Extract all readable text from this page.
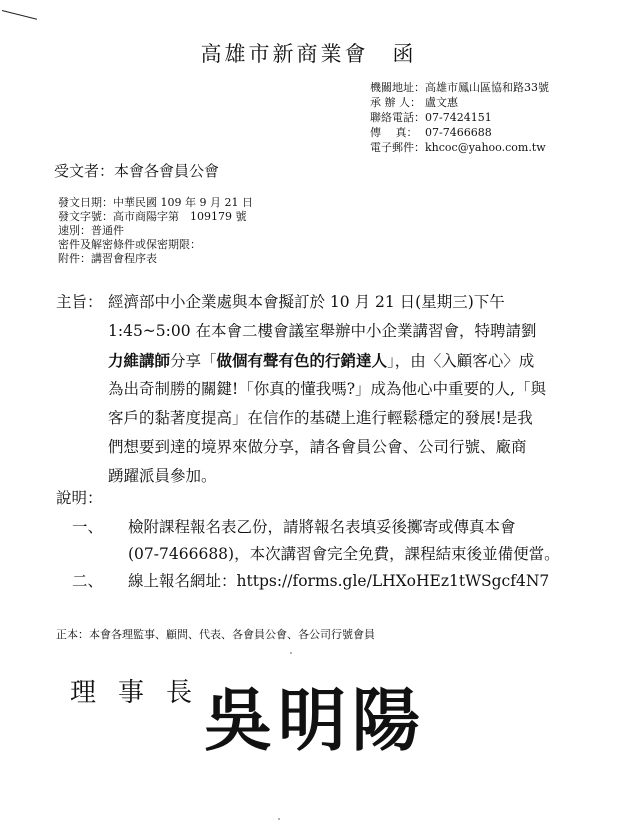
高雄市新商業會　函
機關地址： 高雄市鳳山區協和路33號
承 辦 人： 盧文惠
聯絡電話： 07-7424151
傳　 真： 07-7466688
電子郵件： khcoc@yahoo.com.tw
受文者：本會各會員公會
發文日期：中華民國 109 年 9 月 21 日
發文字號：高市商陽字第　109179 號
速別：普通件
密件及解密條件或保密期限：
附件：講習會程序表
主旨： 經濟部中小企業處與本會擬訂於 10 月 21 日(星期三)下午
1:45~5:00 在本會二樓會議室舉辦中小企業講習會，特聘請劉
力維講師分享「做個有聲有色的行銷達人」，由〈入顧客心〉成
為出奇制勝的關鍵!「你真的懂我嗎?」成為他心中重要的人,「與
客戶的黏著度提高」在信作的基礎上進行輕鬆穩定的發展!是我
們想要到達的境界來做分享，請各會員公會、公司行號、廠商
踴躍派員參加。
說明：
一、 檢附課程報名表乙份，請將報名表填妥後擲寄或傳真本會
(07-7466688)，本次講習會完全免費，課程結束後並備便當。
二、 線上報名網址：https://forms.gle/LHXoHEz1tWSgcf4N7
正本：本會各理監事、顧問、代表、各會員公會、各公司行號會員
理事長
吳明陽
